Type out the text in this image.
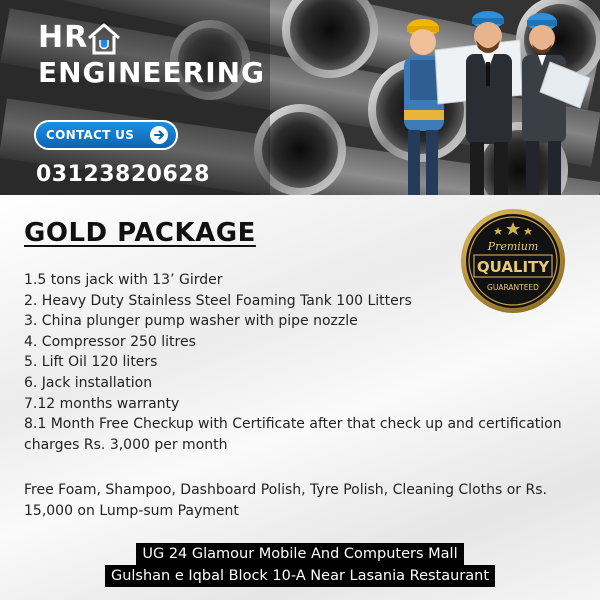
HR
ENGINEERING
CONTACT US
03123820628
GOLD PACKAGE	Premium
QUALITY
GUARANTEED
1.5 tons jack with 13’ Girder
2. Heavy Duty Stainless Steel Foaming Tank 100 Litters
3. China plunger pump washer with pipe nozzle
4. Compressor 250 litres
5. Lift Oil 120 liters
6. Jack installation
7.12 months warranty
8.1 Month Free Checkup with Certificate after that check up and certification charges Rs. 3,000 per month
Free Foam, Shampoo, Dashboard Polish, Tyre Polish, Cleaning Cloths or Rs. 15,000 on Lump-sum Payment
UG 24 Glamour Mobile And Computers Mall
Gulshan e Iqbal Block 10-A Near Lasania Restaurant
